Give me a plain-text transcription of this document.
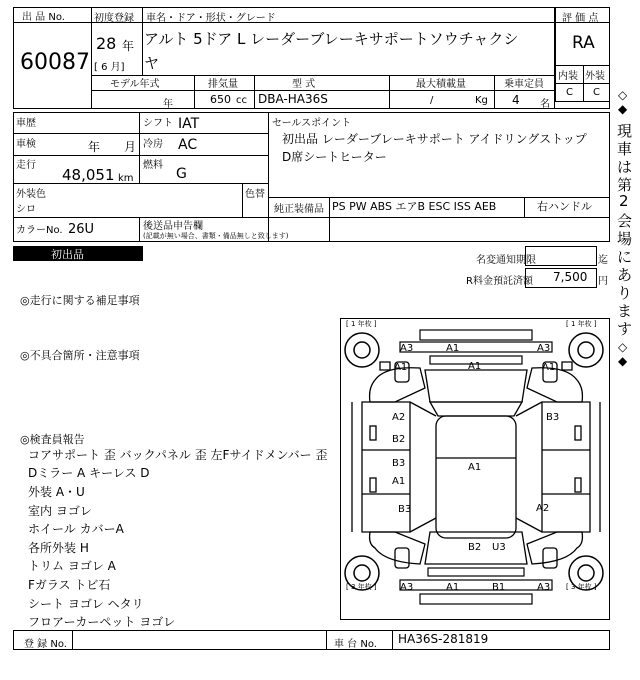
出 品 No.
60087
初度登録
28 年
[ 6 月]
車名・ドア・形状・グレード
アルト 5ドア L レーダーブレーキサポートソウチャクシ
ヤ
モデル年式
年
排気量
650 cc
型 式
DBA-HA36S
最大積載量
/	Kg
乗車定員
4 名
評 価 点
RA
内装 外装
C C
車歴
車検	年 月
走行
48,051 km
シフト IAT
冷房 AC
燃料
G
外装色
シロ
色替
セールスポイント
初出品 レーダーブレーキサポート アイドリングストップ
D席シートヒーター
純正装備品 PS PW ABS エアB ESC ISS AEB	右ハンドル
カラーNo. 26U	後送品申告欄
(記載が無い場合、書類・備品無しと致します)
初出品	名変通知期限	迄
R料金預託済額 7,500 円
◎走行に関する補足事項
◎不具合箇所・注意事項
◎検査員報告
コアサポート 歪 バックパネル 歪 左Fサイドメンバー 歪
Dミラー A キーレス D
外装 A・U
室内 ヨゴレ
ホイール カバーA
各所外装 H
トリム ヨゴレ A
Fガラス トビ石
シート ヨゴレ ヘタリ
フロアーカーペット ヨゴレ
[ 1 年枚 ]	[ 1 年枚 ]
[ 3 年枚 ]	[ 3 年枚 ]
A3	A1	A3
A1
A1	A1
A2
B2
B3
B3
A1
A1
A2
B3
B2 U3
A3	A1	B1	A3
◇
◆
現
車
は
第
2
会
場
に
あ
り
ま
す
◇
◆
登 録 No.	車 台 No. HA36S-281819
